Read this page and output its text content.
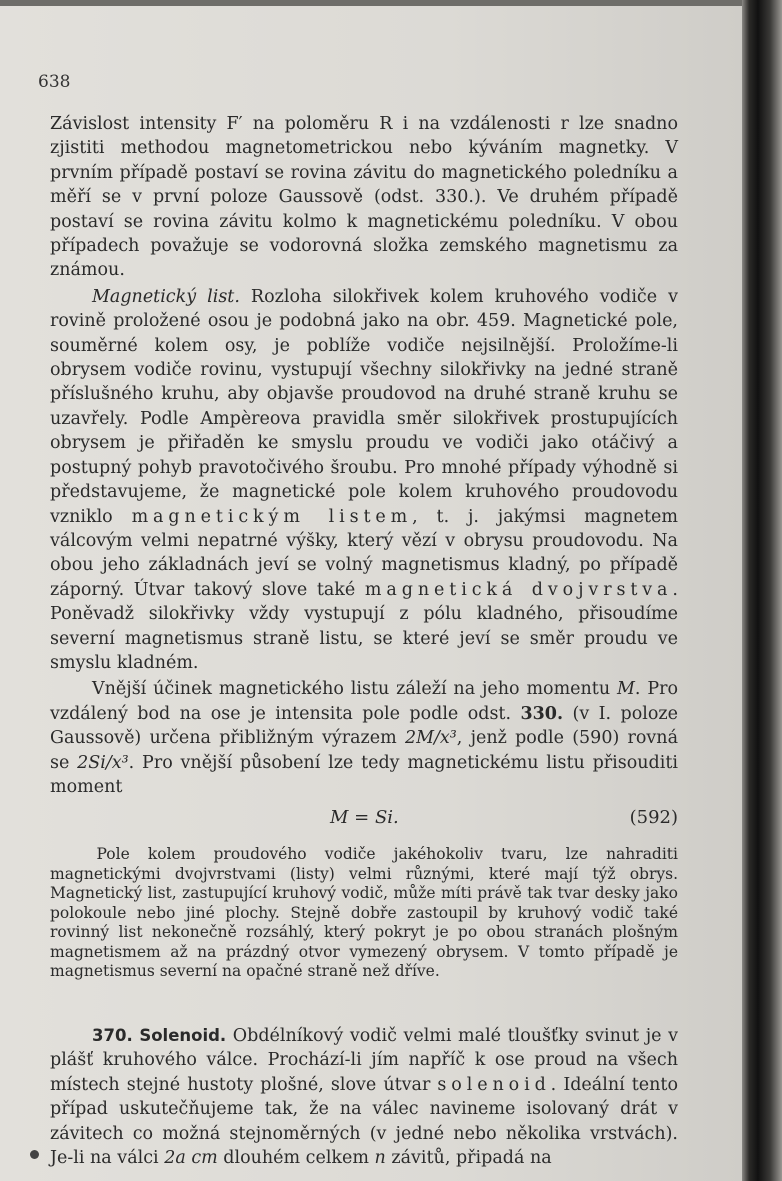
638

Závislost intensity F′ na poloměru R i na vzdálenosti r lze snadno zjistiti methodou magnetometrickou nebo kýváním magnetky. V prvním případě postaví se rovina závitu do magnetického poledníku a měří se v první poloze Gaussově (odst. 330.). Ve druhém případě postaví se rovina závitu kolmo k magnetickému poledníku. V obou případech považuje se vodorovná složka zemského magnetismu za známou.

Magnetický list. Rozloha silokřivek kolem kruhového vodiče v rovině proložené osou je podobná jako na obr. 459. Magnetické pole, souměrné kolem osy, je poblíže vodiče nejsilnější. Proložíme-li obrysem vodiče rovinu, vystupují všechny silokřivky na jedné straně příslušného kruhu, aby objavše proudovod na druhé straně kruhu se uzavřely. Podle Ampèreova pravidla směr silokřivek prostupujících obrysem je přiřaděn ke smyslu proudu ve vodiči jako otáčivý a postupný pohyb pravotočivého šroubu. Pro mnohé případy výhodně si představujeme, že magnetické pole kolem kruhového proudovodu vzniklo magnetickým listem, t. j. jakýmsi magnetem válcovým velmi nepatrné výšky, který vězí v obrysu proudovodu. Na obou jeho základnách jeví se volný magnetismus kladný, po případě záporný. Útvar takový slove také magnetická dvojvrstva. Poněvadž silokřivky vždy vystupují z pólu kladného, přisoudíme severní magnetismus straně listu, se které jeví se směr proudu ve smyslu kladném.

Vnější účinek magnetického listu záleží na jeho momentu M. Pro vzdálený bod na ose je intensita pole podle odst. 330. (v I. poloze Gaussově) určena přibližným výrazem 2M/x³, jenž podle (590) rovná se 2Si/x³. Pro vnější působení lze tedy magnetickému listu přisouditi moment

M = Si.	(592)

Pole kolem proudového vodiče jakéhokoliv tvaru, lze nahraditi magnetickými dvojvrstvami (listy) velmi různými, které mají týž obrys. Magnetický list, zastupující kruhový vodič, může míti právě tak tvar desky jako polokoule nebo jiné plochy. Stejně dobře zastoupil by kruhový vodič také rovinný list nekonečně rozsáhlý, který pokryt je po obou stranách plošným magnetismem až na prázdný otvor vymezený obrysem. V tomto případě je magnetismus severní na opačné straně než dříve.

370. Solenoid. Obdélníkový vodič velmi malé tloušťky svinut je v plášť kruhového válce. Prochází-li jím napříč k ose proud na všech místech stejné hustoty plošné, slove útvar solenoid. Ideální tento případ uskutečňujeme tak, že na válec navineme isolovaný drát v závitech co možná stejnoměrných (v jedné nebo několika vrstvách). Je-li na válci 2a cm dlouhém celkem n závitů, připadá na
